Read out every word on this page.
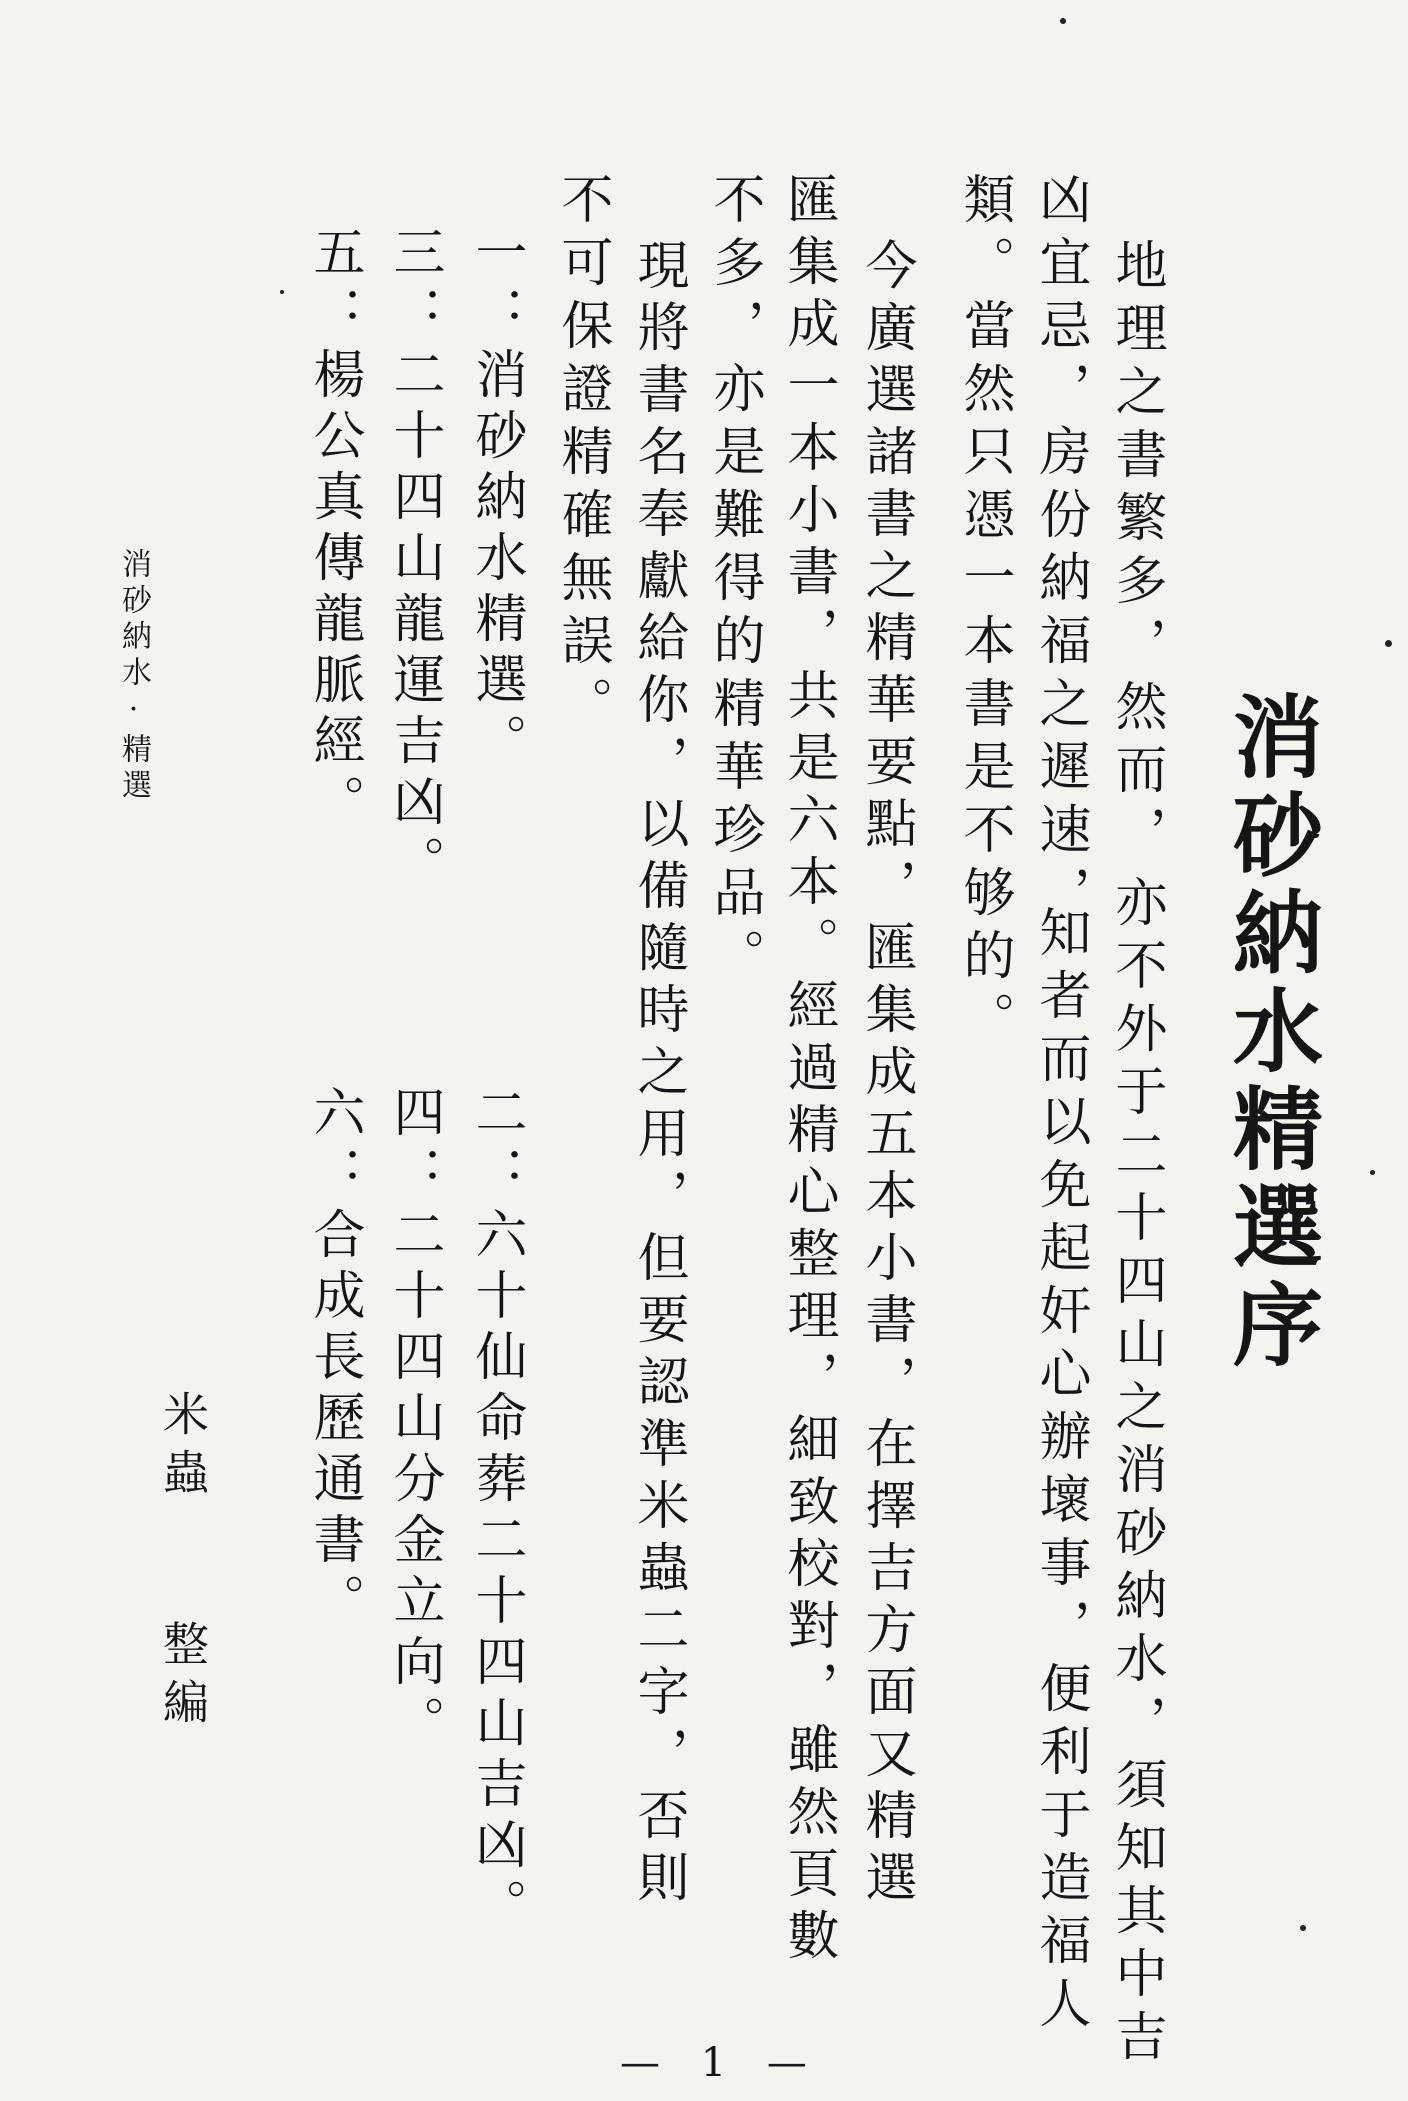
消砂納水精選序
地理之書繁多，然而，
亦不外于二十四山之消砂納水，須知其中吉
凶宜忌，房份納福之遲速，
知者而以免起奸心辦壞事，便利于造福人
類。當然只憑一本書是不够的。
今廣選諸書之精華要點，匯集成五本小書，在擇吉方面又精選
匯集成一本小書，共是六本。經過精心整理，細致校對，雖然頁數
不多，亦是難得的精華珍品。
現將書名奉獻給你，以備隨時之用，但要認準米蟲二字，否則
不可保證精確無誤。
一：消砂納水精選。
二：六十仙命葬二十四山吉凶。
三：二十四山龍運吉凶。
四：二十四山分金立向。
五：楊公真傳龍脈經。
六：合成長歷通書。
消砂納水·精選
米蟲
整編
— 1 —
